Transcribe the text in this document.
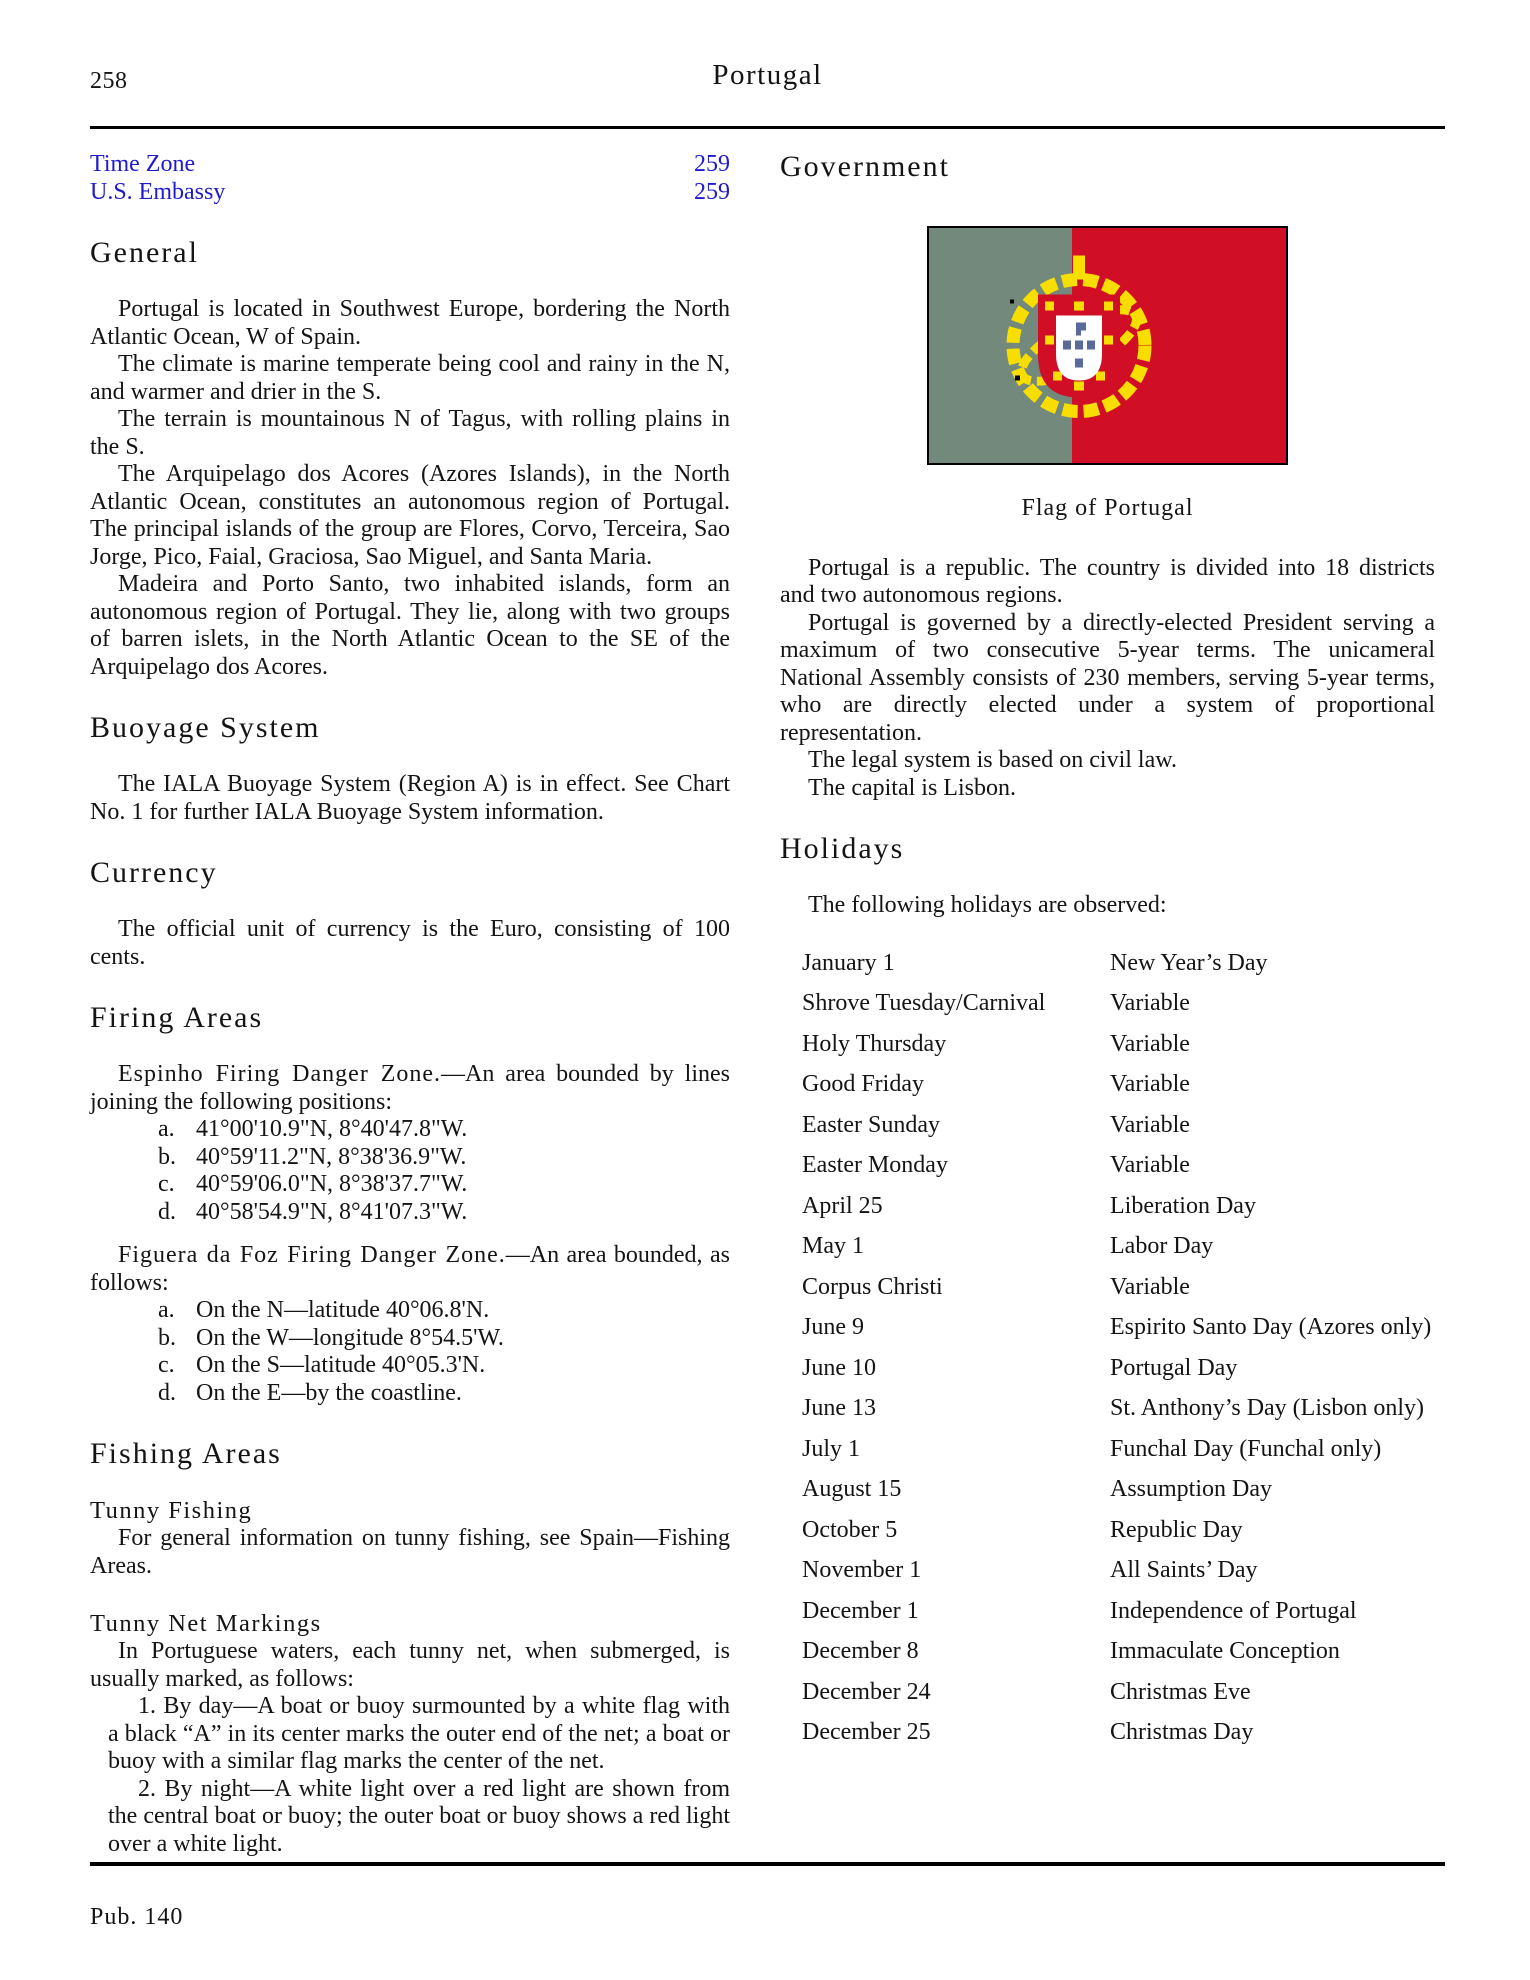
258	Portugal
Time Zone	259
U.S. Embassy	259
General

Portugal is located in Southwest Europe, bordering the North Atlantic Ocean, W of Spain.

The climate is marine temperate being cool and rainy in the N, and warmer and drier in the S.

The terrain is mountainous N of Tagus, with rolling plains in the S.

The Arquipelago dos Acores (Azores Islands), in the North Atlantic Ocean, constitutes an autonomous region of Portugal. The principal islands of the group are Flores, Corvo, Terceira, Sao Jorge, Pico, Faial, Graciosa, Sao Miguel, and Santa Maria.

Madeira and Porto Santo, two inhabited islands, form an autonomous region of Portugal. They lie, along with two groups of barren islets, in the North Atlantic Ocean to the SE of the Arquipelago dos Acores.

Buoyage System

The IALA Buoyage System (Region A) is in effect. See Chart No. 1 for further IALA Buoyage System information.

Currency

The official unit of currency is the Euro, consisting of 100 cents.

Firing Areas

Espinho Firing Danger Zone.—An area bounded by lines joining the following positions:

a. 41°00'10.9"N, 8°40'47.8"W.
b. 40°59'11.2"N, 8°38'36.9"W.
c. 40°59'06.0"N, 8°38'37.7"W.
d. 40°58'54.9"N, 8°41'07.3"W.

Figuera da Foz Firing Danger Zone.—An area bounded, as follows:

a. On the N—latitude 40°06.8'N.
b. On the W—longitude 8°54.5'W.
c. On the S—latitude 40°05.3'N.
d. On the E—by the coastline.
Fishing Areas
Tunny Fishing

For general information on tunny fishing, see Spain—Fishing Areas.

Tunny Net Markings

In Portuguese waters, each tunny net, when submerged, is usually marked, as follows:

1. By day—A boat or buoy surmounted by a white flag with a black “A” in its center marks the outer end of the net; a boat or buoy with a similar flag marks the center of the net.

2. By night—A white light over a red light are shown from the central boat or buoy; the outer boat or buoy shows a red light over a white light.

Government
Flag of Portugal

Portugal is a republic. The country is divided into 18 districts and two autonomous regions.

Portugal is governed by a directly-elected President serving a maximum of two consecutive 5-year terms. The unicameral National Assembly consists of 230 members, serving 5-year terms, who are directly elected under a system of proportional representation.

The legal system is based on civil law.

The capital is Lisbon.

Holidays

The following holidays are observed:

January 1	New Year’s Day
Shrove Tuesday/Carnival	Variable
Holy Thursday	Variable
Good Friday	Variable
Easter Sunday	Variable
Easter Monday	Variable
April 25	Liberation Day
May 1	Labor Day
Corpus Christi	Variable
June 9	Espirito Santo Day (Azores only)
June 10	Portugal Day
June 13	St. Anthony’s Day (Lisbon only)
July 1	Funchal Day (Funchal only)
August 15	Assumption Day
October 5	Republic Day
November 1	All Saints’ Day
December 1	Independence of Portugal
December 8	Immaculate Conception
December 24	Christmas Eve
December 25	Christmas Day
Pub. 140
